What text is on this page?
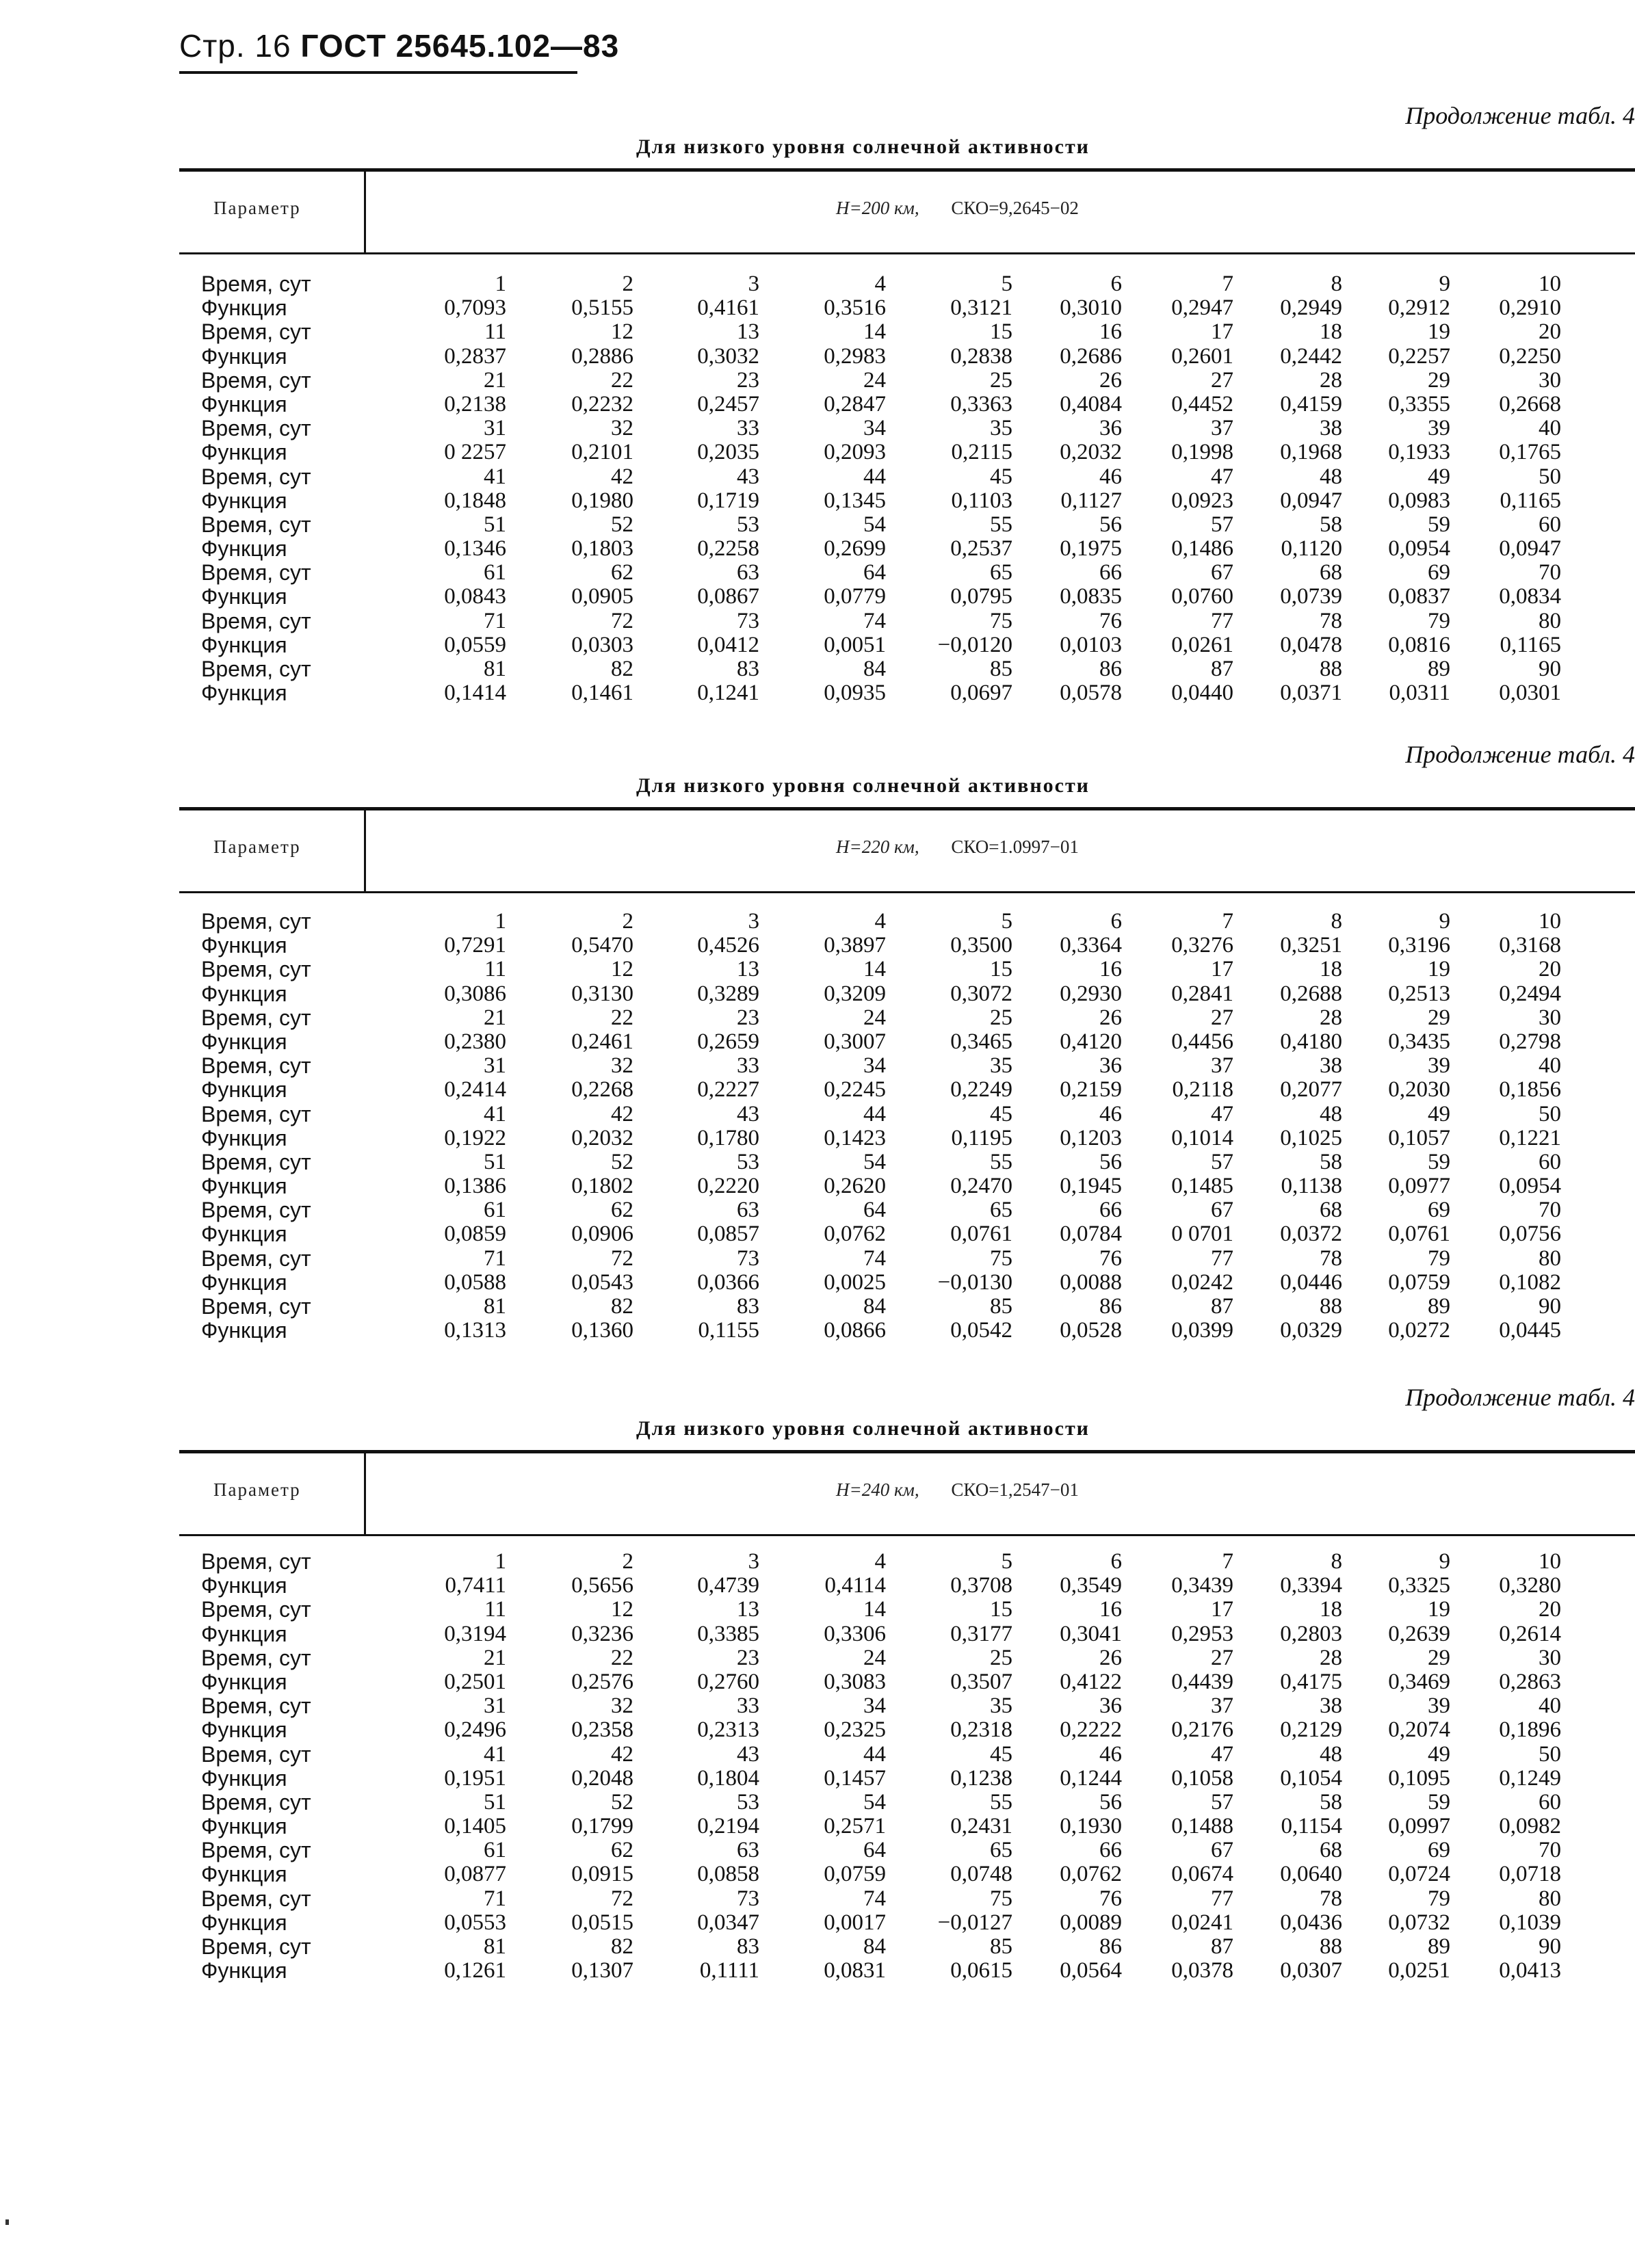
Стр. 16 ГОСТ 25645.102—83
Продолжение табл. 4
Для низкого уровня солнечной активности
Параметр	H=200 км, СКО=9,2645−02
Время, сут	1	2	3	4	5	6	7	8	9	10
Функция	0,7093	0,5155	0,4161	0,3516	0,3121 0,3010 0,2947 0,2949 0,2912 0,2910
Время, сут	11	12	13	14	15	16	17	18	19	20
Функция	0,2837	0,2886	0,3032	0,2983	0,2838 0,2686 0,2601 0,2442 0,2257 0,2250
Время, сут	21	22	23	24	25	26	27	28	29	30
Функция	0,2138	0,2232	0,2457	0,2847	0,3363 0,4084 0,4452 0,4159 0,3355 0,2668
Время, сут	31	32	33	34	35	36	37	38	39	40
Функция	0 2257	0,2101	0,2035	0,2093	0,2115 0,2032 0,1998 0,1968 0,1933 0,1765
Время, сут	41	42	43	44	45	46	47	48	49	50
Функция	0,1848	0,1980	0,1719	0,1345	0,1103 0,1127 0,0923 0,0947 0,0983 0,1165
Время, сут	51	52	53	54	55	56	57	58	59	60
Функция	0,1346	0,1803	0,2258	0,2699	0,2537 0,1975 0,1486 0,1120 0,0954 0,0947
Время, сут	61	62	63	64	65	66	67	68	69	70
Функция	0,0843	0,0905	0,0867	0,0779	0,0795 0,0835 0,0760 0,0739 0,0837 0,0834
Время, сут	71	72	73	74	75	76	77	78	79	80
Функция	0,0559	0,0303	0,0412	0,0051 −0,0120 0,0103 0,0261 0,0478 0,0816 0,1165
Время, сут	81	82	83	84	85	86	87	88	89	90
Функция	0,1414	0,1461	0,1241	0,0935	0,0697 0,0578 0,0440 0,0371 0,0311 0,0301
Продолжение табл. 4
Для низкого уровня солнечной активности
Параметр	H=220 км, СКО=1.0997−01
Время, сут	1	2	3	4	5	6	7	8	9	10
Функция	0,7291	0,5470	0,4526	0,3897	0,3500 0,3364 0,3276 0,3251 0,3196 0,3168
Время, сут	11	12	13	14	15	16	17	18	19	20
Функция	0,3086	0,3130	0,3289	0,3209	0,3072 0,2930 0,2841 0,2688 0,2513 0,2494
Время, сут	21	22	23	24	25	26	27	28	29	30
Функция	0,2380	0,2461	0,2659	0,3007	0,3465 0,4120 0,4456 0,4180 0,3435 0,2798
Время, сут	31	32	33	34	35	36	37	38	39	40
Функция	0,2414	0,2268	0,2227	0,2245	0,2249 0,2159 0,2118 0,2077 0,2030 0,1856
Время, сут	41	42	43	44	45	46	47	48	49	50
Функция	0,1922	0,2032	0,1780	0,1423	0,1195 0,1203 0,1014 0,1025 0,1057 0,1221
Время, сут	51	52	53	54	55	56	57	58	59	60
Функция	0,1386	0,1802	0,2220	0,2620	0,2470 0,1945 0,1485 0,1138 0,0977 0,0954
Время, сут	61	62	63	64	65	66	67	68	69	70
Функция	0,0859	0,0906	0,0857	0,0762	0,0761 0,0784 0 0701 0,0372 0,0761 0,0756
Время, сут	71	72	73	74	75	76	77	78	79	80
Функция	0,0588	0,0543	0,0366	0,0025 −0,0130 0,0088 0,0242 0,0446 0,0759 0,1082
Время, сут	81	82	83	84	85	86	87	88	89	90
Функция	0,1313	0,1360	0,1155	0,0866	0,0542 0,0528 0,0399 0,0329 0,0272 0,0445
Продолжение табл. 4
Для низкого уровня солнечной активности
Параметр	H=240 км, СКО=1,2547−01
Время, сут	1	2	3	4	5	6	7	8	9	10
Функция	0,7411	0,5656	0,4739	0,4114	0,3708 0,3549 0,3439 0,3394 0,3325 0,3280
Время, сут	11	12	13	14	15	16	17	18	19	20
Функция	0,3194	0,3236	0,3385	0,3306	0,3177 0,3041 0,2953 0,2803 0,2639 0,2614
Время, сут	21	22	23	24	25	26	27	28	29	30
Функция	0,2501	0,2576	0,2760	0,3083	0,3507 0,4122 0,4439 0,4175 0,3469 0,2863
Время, сут	31	32	33	34	35	36	37	38	39	40
Функция	0,2496	0,2358	0,2313	0,2325	0,2318 0,2222 0,2176 0,2129 0,2074 0,1896
Время, сут	41	42	43	44	45	46	47	48	49	50
Функция	0,1951	0,2048	0,1804	0,1457	0,1238 0,1244 0,1058 0,1054 0,1095 0,1249
Время, сут	51	52	53	54	55	56	57	58	59	60
Функция	0,1405	0,1799	0,2194	0,2571	0,2431 0,1930 0,1488 0,1154 0,0997 0,0982
Время, сут	61	62	63	64	65	66	67	68	69	70
Функция	0,0877	0,0915	0,0858	0,0759	0,0748 0,0762 0,0674 0,0640 0,0724 0,0718
Время, сут	71	72	73	74	75	76	77	78	79	80
Функция	0,0553	0,0515	0,0347	0,0017 −0,0127 0,0089 0,0241 0,0436 0,0732 0,1039
Время, сут	81	82	83	84	85	86	87	88	89	90
Функция	0,1261	0,1307	0,1111	0,0831	0,0615 0,0564 0,0378 0,0307 0,0251 0,0413
